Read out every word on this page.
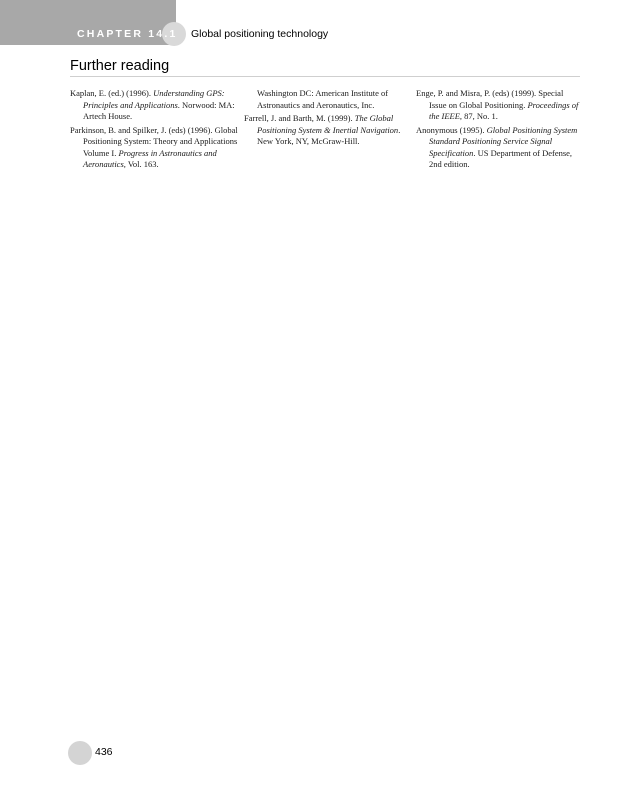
CHAPTER 14.1 Global positioning technology
Further reading

Kaplan, E. (ed.) (1996). Understanding GPS: Principles and Applications. Norwood: MA: Artech House.

Parkinson, B. and Spilker, J. (eds) (1996). Global Positioning System: Theory and Applications Volume I. Progress in Astronautics and Aeronautics, Vol. 163.

Washington DC: American Institute of Astronautics and Aeronautics, Inc.

Farrell, J. and Barth, M. (1999). The Global Positioning System & Inertial Navigation. New York, NY, McGraw-Hill.

Enge, P. and Misra, P. (eds) (1999). Special Issue on Global Positioning. Proceedings of the IEEE, 87, No. 1.

Anonymous (1995). Global Positioning System Standard Positioning Service Signal Specification. US Department of Defense, 2nd edition.

436
